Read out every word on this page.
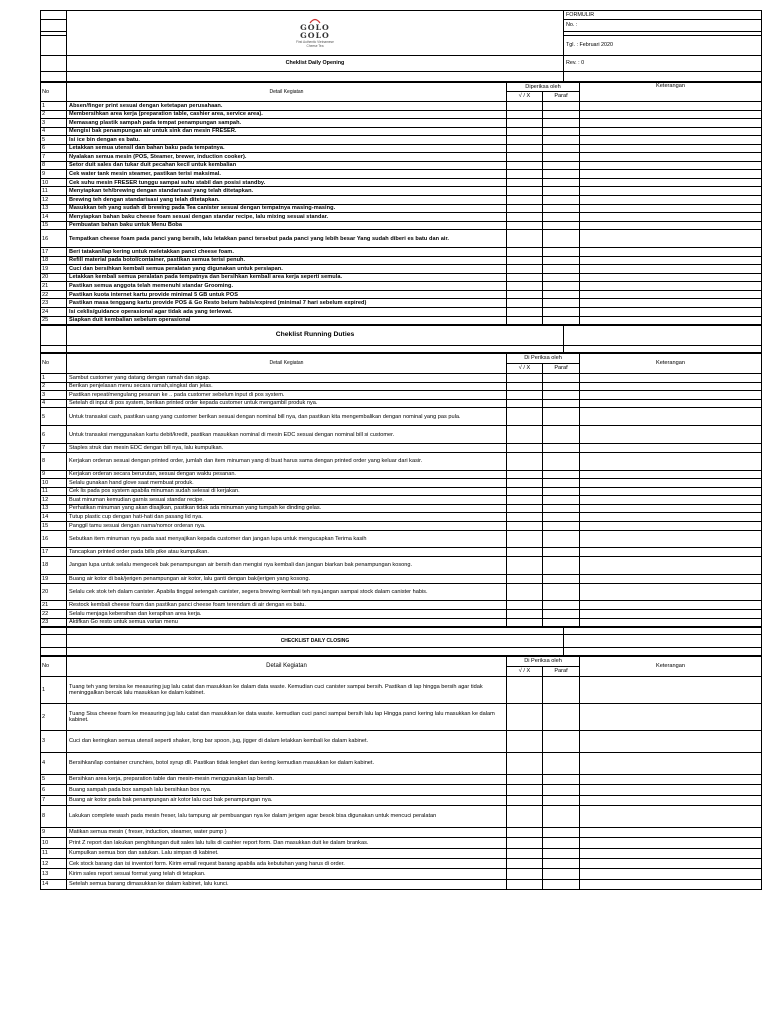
	GOLO
GOLO
First Authentic Vietnamese
Cheese Tea	FORMULIR
		No. :

		Tgl. : Februari 2020
	Cheklist Daily Opening	Rev. : 0

No	Detail Kegiatan	Diperiksa oleh		Keterangan
		√ / X	Paraf	
1	Absen/finger print sesuai dengan ketetapan perusahaan.			
2	Membersihkan area kerja (preparation table, cashier area, service area).			
3	Memasang plastik sampah pada tempat penampungan sampah.			
4	Mengisi bak penampungan air untuk sink dan mesin FRESER.			
5	Isi ice bin dengan es batu.			
6	Letakkan semua utensil dan bahan baku pada tempatnya.			
7	Nyalakan semua mesin (POS, Steamer, brewer, induction cooker).			
8	Setor duit sales dan tukar duit pecahan kecil untuk kembalian			
9	Cek water tank mesin steamer, pastikan terisi maksimal.			
10	Cek suhu mesin FRESER tunggu sampai suhu stabil dan posisi standby.			
11	Menyiapkan teh/brewing dengan standarisasi yang telah ditetapkan.			
12	Brewing teh dengan standarisasi yang telah ditetapkan.			
13	Masukkan teh yang sudah di brewing pada Tea canister sesuai dengan tempatnya masing-masing.			
14	Menyiapkan bahan baku cheese foam sesuai dengan standar recipe, lalu mixing sesuai standar.			
15	Pembuatan bahan baku untuk Menu Boba			
16	Tempatkan cheese foam pada panci yang bersih, lalu letakkan panci tersebut pada panci yang lebih besar Yang sudah diberi es batu dan air.			
17	Beri tatakan/lap kering untuk meletakkan panci cheese foam.			
18	Refill material pada botol/container, pastikan semua terisi penuh.			
19	Cuci dan bersihkan kembali semua peralatan yang digunakan untuk persiapan.			
20	Letakkan kembali semua peralatan pada tempatnya dan bersihkan kembali area kerja seperti semula.			
21	Pastikan semua anggota telah memenuhi standar Grooming.			
22	Pastikan kuota internet kartu provide minimal 5 GB untuk POS			
23	Pastikan masa tenggang kartu provide POS & Go Resto belum habis/expired (minimal 7 hari sebelum expired)			
24	Isi ceklis/guidance operasional agar tidak ada yang terlewat.			
25	Siapkan duit kembalian sebelum operasional			
	Cheklist Running Duties	

No	Detail Kegiatan	Di Periksa oleh		Keterangan
		√ / X	Paraf	
1	Sambut customer yang datang dengan ramah dan sigap.			
2	Berikan penjelasan menu secara ramah,singkat dan jelas.			
3	Pastikan repeat/mengulang pesanan ke .. pada customer sebelum input di pos system.			
4	Setelah di input di pos system, berikan printed order kepada customer untuk mengambil produk nya.			
5	Untuk transaksi cash, pastikan uang yang customer berikan sesuai dengan nominal bill nya, dan pastikan kita mengembalikan dengan nominal yang pas pula.			
6	Untuk transaksi menggunakan kartu debit/kredit, pastikan masukkan nominal di mesin EDC sesuai dengan nominal bill si customer.			
7	Staples struk dan mesin EDC dengan bill nya, lalu kumpulkan.			
8	Kerjakan orderan sesuai dengan printed order, jumlah dan item minuman yang di buat harus sama dengan printed order yang keluar dari kasir.			
9	Kerjakan orderan secara berurutan, sesuai dengan waktu pesanan.			
10	Selalu gunakan hand glove saat membuat produk.			
11	Cek lis pada pos system apabila minuman sudah selesai di kerjakan.			
12	Buat minuman kemudian garnis sesuai standar recipe.			
13	Perhatikan minuman yang akan disajikan, pastikan tidak ada minuman yang tumpah ke dinding gelas.			
14	Tutup plastic cup dengan hati-hati dan pasang lid nya.			
15	Panggil tamu sesuai dengan nama/nomor orderan nya.			
16	Sebutkan item minuman nya pada saat menyajikan kepada customer dan jangan lupa untuk mengucapkan Terima kasih			
17	Tancapkan printed order pada bills pike atau kumpulkan.			
18	Jangan lupa untuk selalu mengecek bak penampungan air bersih dan mengisi nya kembali dan jangan biarkan bak penampungan kosong.			
19	Buang air kotor di bak/jerigen penampungan air kotor, lalu ganti dengan bak/jerigen yang kosong.			
20	Selalu cek stok teh dalam canister. Apabila tinggal setengah canister, segera brewing kembali teh nya.jangan sampai stock dalam canister habis.			
21	Restock kembali cheese foam dan pastikan panci cheese foam terendam di air dengan es batu.			
22	Selalu menjaga kebersihan dan kerapihan area kerja.			
23	Aktifkan Go resto untuk semua varian menu			

	CHECKLIST DAILY CLOSING	

No	Detail Kegiatan	Di Periksa oleh		Keterangan
		√ / X	Paraf	
1	Tuang teh yang tersisa ke measuring jug lalu catat dan masukkan ke dalam data waste. Kemudian cuci canister sampai bersih. Pastikan di lap hingga bersih agar tidak meninggalkan bercak lalu masukkan ke dalam kabinet.			
2	Tuang Sisa cheese foam ke measuring jug lalu catat dan masukkan ke data waste. kemudian cuci panci sampai bersih lalu lap Hingga panci kering lalu masukkan ke dalam kabinet.			
3	Cuci dan keringkan semua utensil seperti shaker, long bar spoon, jug, jigger di dalam letakkan kembali ke dalam kabinet.			
4	Bersihkan/lap container crunchies, botol syrup dll. Pastikan tidak lengket dan kering kemudian masukkan ke dalam kabinet.			
5	Bersihkan area kerja, preparation table dan mesin-mesin menggunakan lap bersih.			
6	Buang sampah pada box sampah lalu bersihkan box nya.			
7	Buang air kotor pada bak penampungan air kotor lalu cuci bak penampungan nya.			
8	Lakukan complete wash pada mesin freser, lalu tampung air pembuangan nya ke dalam jerigen agar besok bisa digunakan untuk mencuci peralatan			
9	Matikan semua mesin ( freser, induction, steamer, water pump )			
10	Print Z report dan lakukan penghitungan duit sales lalu tulis di cashier report form. Dan masukkan duit ke dalam brankas.			
11	Kumpulkan semua bon dan satukan. Lalu simpan di kabinet.			
12	Cek stock barang dan isi inventori form. Kirim email request barang apabila ada kebutuhan yang harus di order.			
13	Kirim sales report sesuai format yang telah di tetapkan.			
14	Setelah semua barang dimasukkan ke dalam kabinet, lalu kunci.			
